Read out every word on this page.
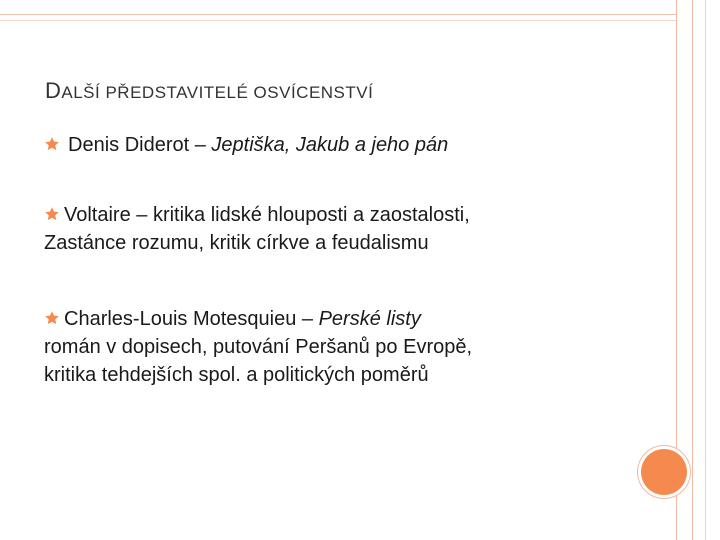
DALŠÍ PŘEDSTAVITELÉ OSVÍCENSTVÍ
Denis Diderot – Jeptiška, Jakub a jeho pán
Voltaire – kritika lidské hlouposti a zaostalosti,
Zastánce rozumu, kritik církve a feudalismu
Charles-Louis Motesquieu – Perské listy
román v dopisech, putování Peršanů po Evropě,
kritika tehdejších spol. a politických poměrů
